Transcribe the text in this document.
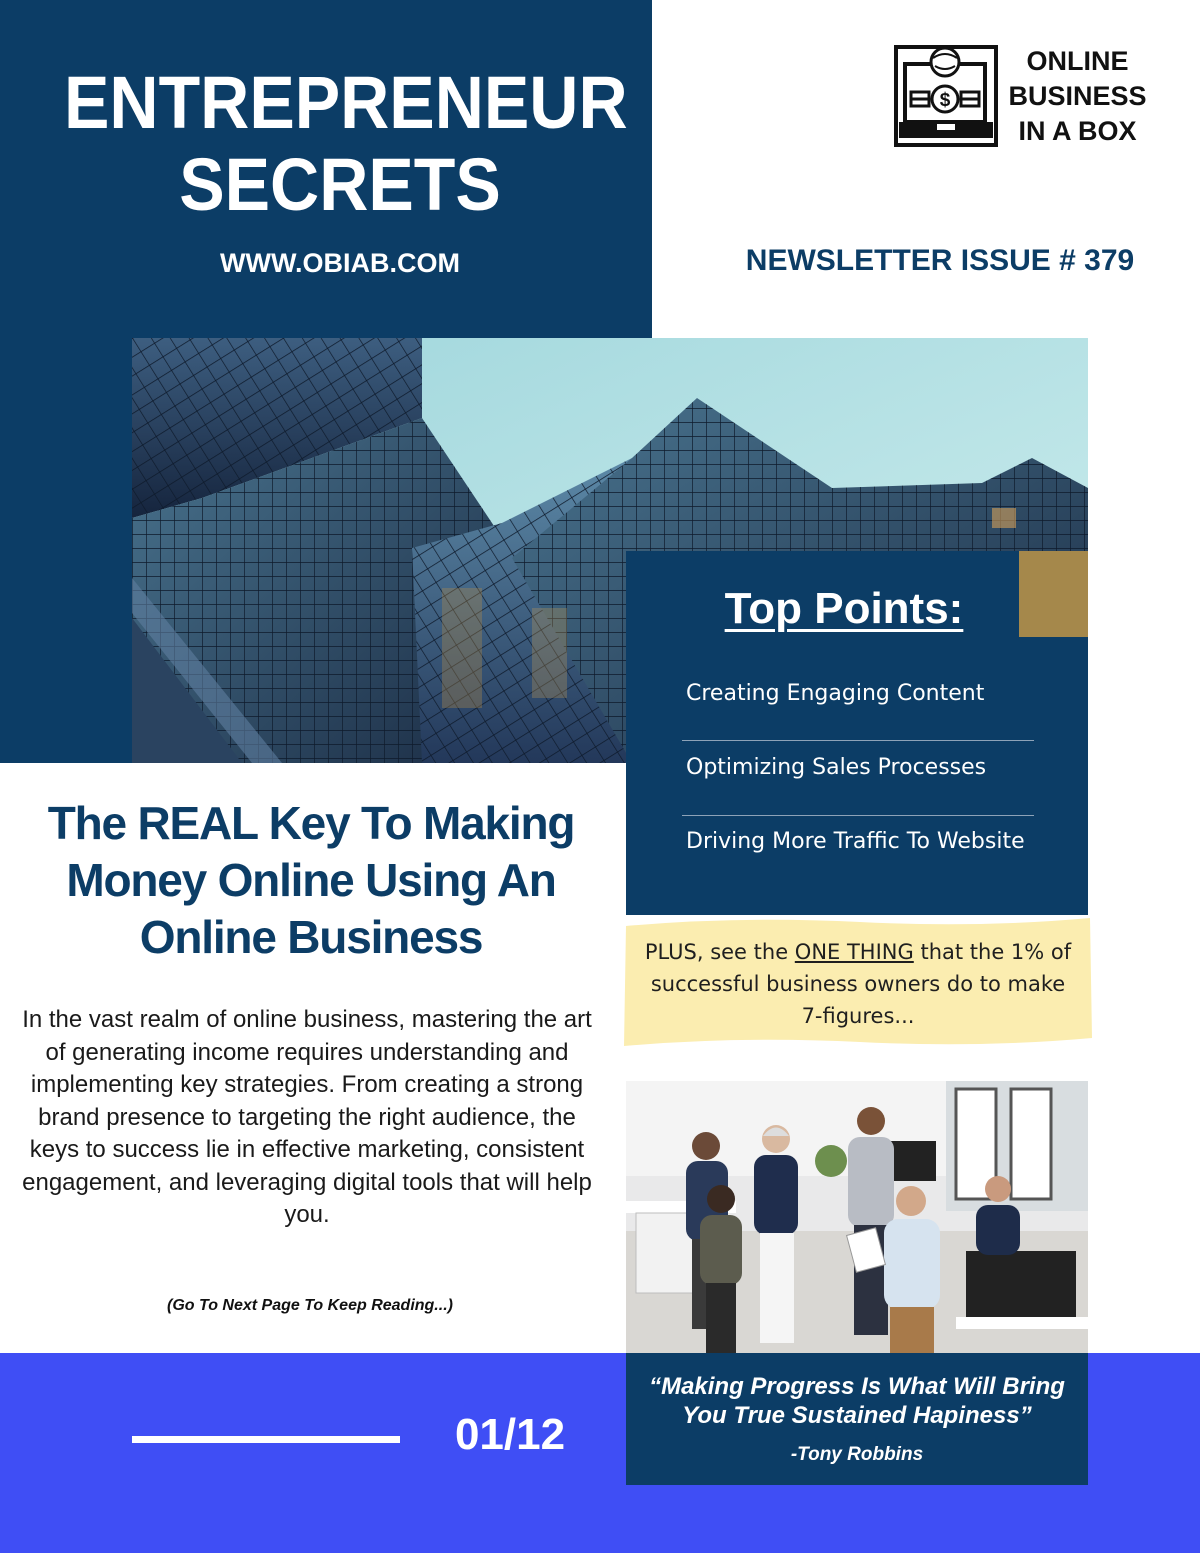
ENTREPRENEUR
SECRETS
WWW.OBIAB.COM
$
ONLINE
BUSINESS
IN A BOX
NEWSLETTER ISSUE # 379
Top Points:
Creating Engaging Content
Optimizing Sales Processes
Driving More Traffic To Website
PLUS, see the ONE THING that the 1% of successful business owners do to make 7-figures...
The REAL Key To Making Money Online Using An Online Business
In the vast realm of online business, mastering the art of generating income requires understanding and implementing key strategies. From creating a strong brand presence to targeting the right audience, the keys to success lie in effective marketing, consistent engagement, and leveraging digital tools that will help you.
(Go To Next Page To Keep Reading...)
01/12
“Making Progress Is What Will Bring You True Sustained Hapiness”
-Tony Robbins
